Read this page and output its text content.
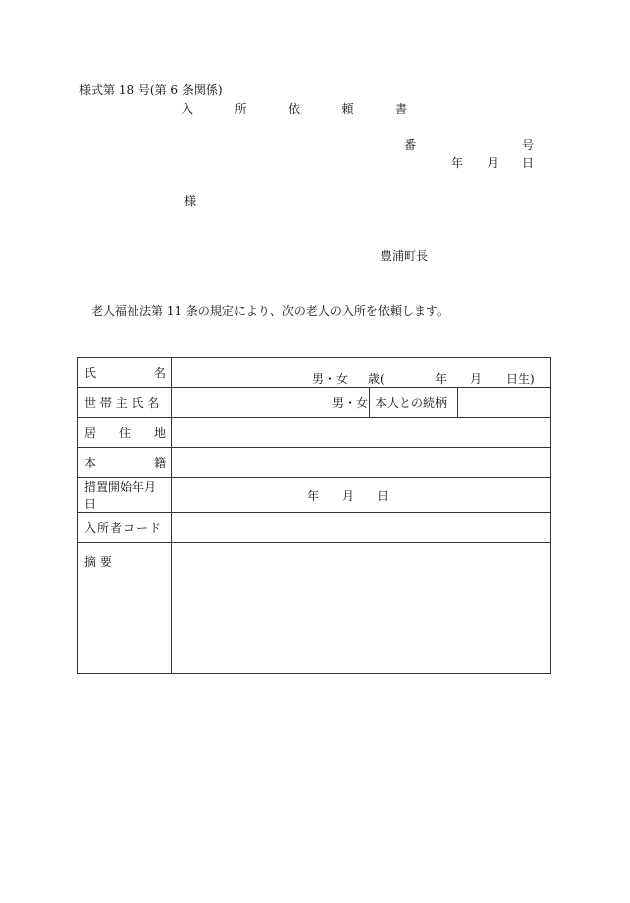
様式第 18 号(第 6 条関係)
入	所	依	頼	書
番	号
年 月 日
様
豊浦町長
老人福祉法第 11 条の規定により、次の老人の入所を依頼します。
氏 名	男・女 歳( 年 月 日生)

世 帯 主 氏 名	男・女 本人との続柄

居 住 地	

本 籍	

措置開始年月日	年 月 日

入所者コード	
摘 要	
